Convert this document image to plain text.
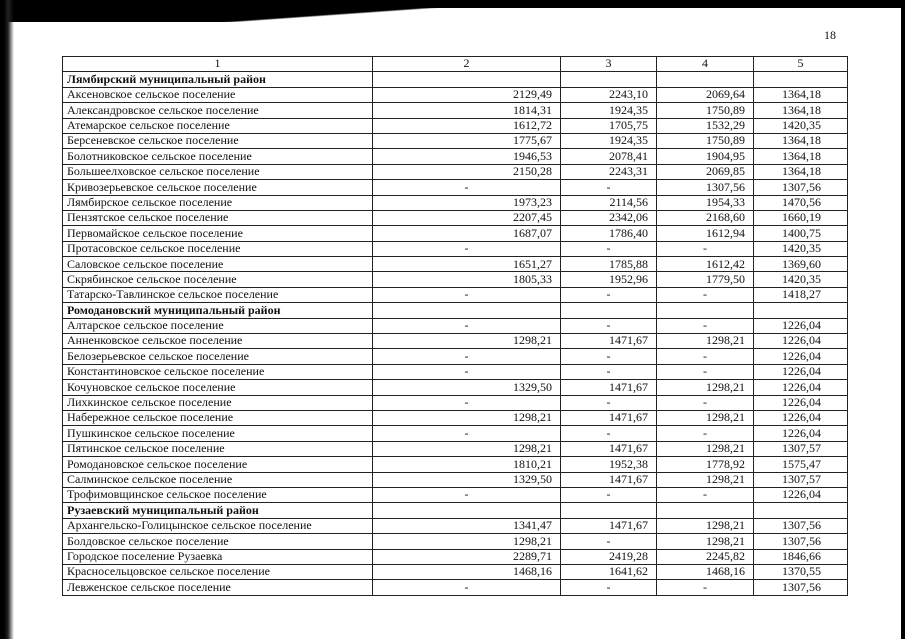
18
1	2	3	4	5
Лямбирский муниципальный район				
Аксеновское сельское поселение	2129,49	2243,10	2069,64	1364,18
Александровское сельское поселение	1814,31	1924,35	1750,89	1364,18
Атемарское сельское поселение	1612,72	1705,75	1532,29	1420,35
Берсеневское сельское поселение	1775,67	1924,35	1750,89	1364,18
Болотниковское сельское поселение	1946,53	2078,41	1904,95	1364,18
Большеелховское сельское поселение	2150,28	2243,31	2069,85	1364,18
Кривозерьевское сельское поселение	-	-	1307,56	1307,56
Лямбирское сельское поселение	1973,23	2114,56	1954,33	1470,56
Пензятское сельское поселение	2207,45	2342,06	2168,60	1660,19
Первомайское сельское поселение	1687,07	1786,40	1612,94	1400,75
Протасовское сельское поселение	-	-	-	1420,35
Саловское сельское поселение	1651,27	1785,88	1612,42	1369,60
Скрябинское сельское поселение	1805,33	1952,96	1779,50	1420,35
Татарско-Тавлинское сельское поселение	-	-	-	1418,27
Ромодановский муниципальный район				
Алтарское сельское поселение	-	-	-	1226,04
Анненковское сельское поселение	1298,21	1471,67	1298,21	1226,04
Белозерьевское сельское поселение	-	-	-	1226,04
Константиновское сельское поселение	-	-	-	1226,04
Кочуновское сельское поселение	1329,50	1471,67	1298,21	1226,04
Лихкинское сельское поселение	-	-	-	1226,04
Набережное сельское поселение	1298,21	1471,67	1298,21	1226,04
Пушкинское сельское поселение	-	-	-	1226,04
Пятинское сельское поселение	1298,21	1471,67	1298,21	1307,57
Ромодановское сельское поселение	1810,21	1952,38	1778,92	1575,47
Салминское сельское поселение	1329,50	1471,67	1298,21	1307,57
Трофимовщинское сельское поселение	-	-	-	1226,04
Рузаевский муниципальный район				
Архангельско-Голицынское сельское поселение	1341,47	1471,67	1298,21	1307,56
Болдовское сельское поселение	1298,21	-	1298,21	1307,56
Городское поселение Рузаевка	2289,71	2419,28	2245,82	1846,66
Красносельцовское сельское поселение	1468,16	1641,62	1468,16	1370,55
Левженское сельское поселение	-	-	-	1307,56
